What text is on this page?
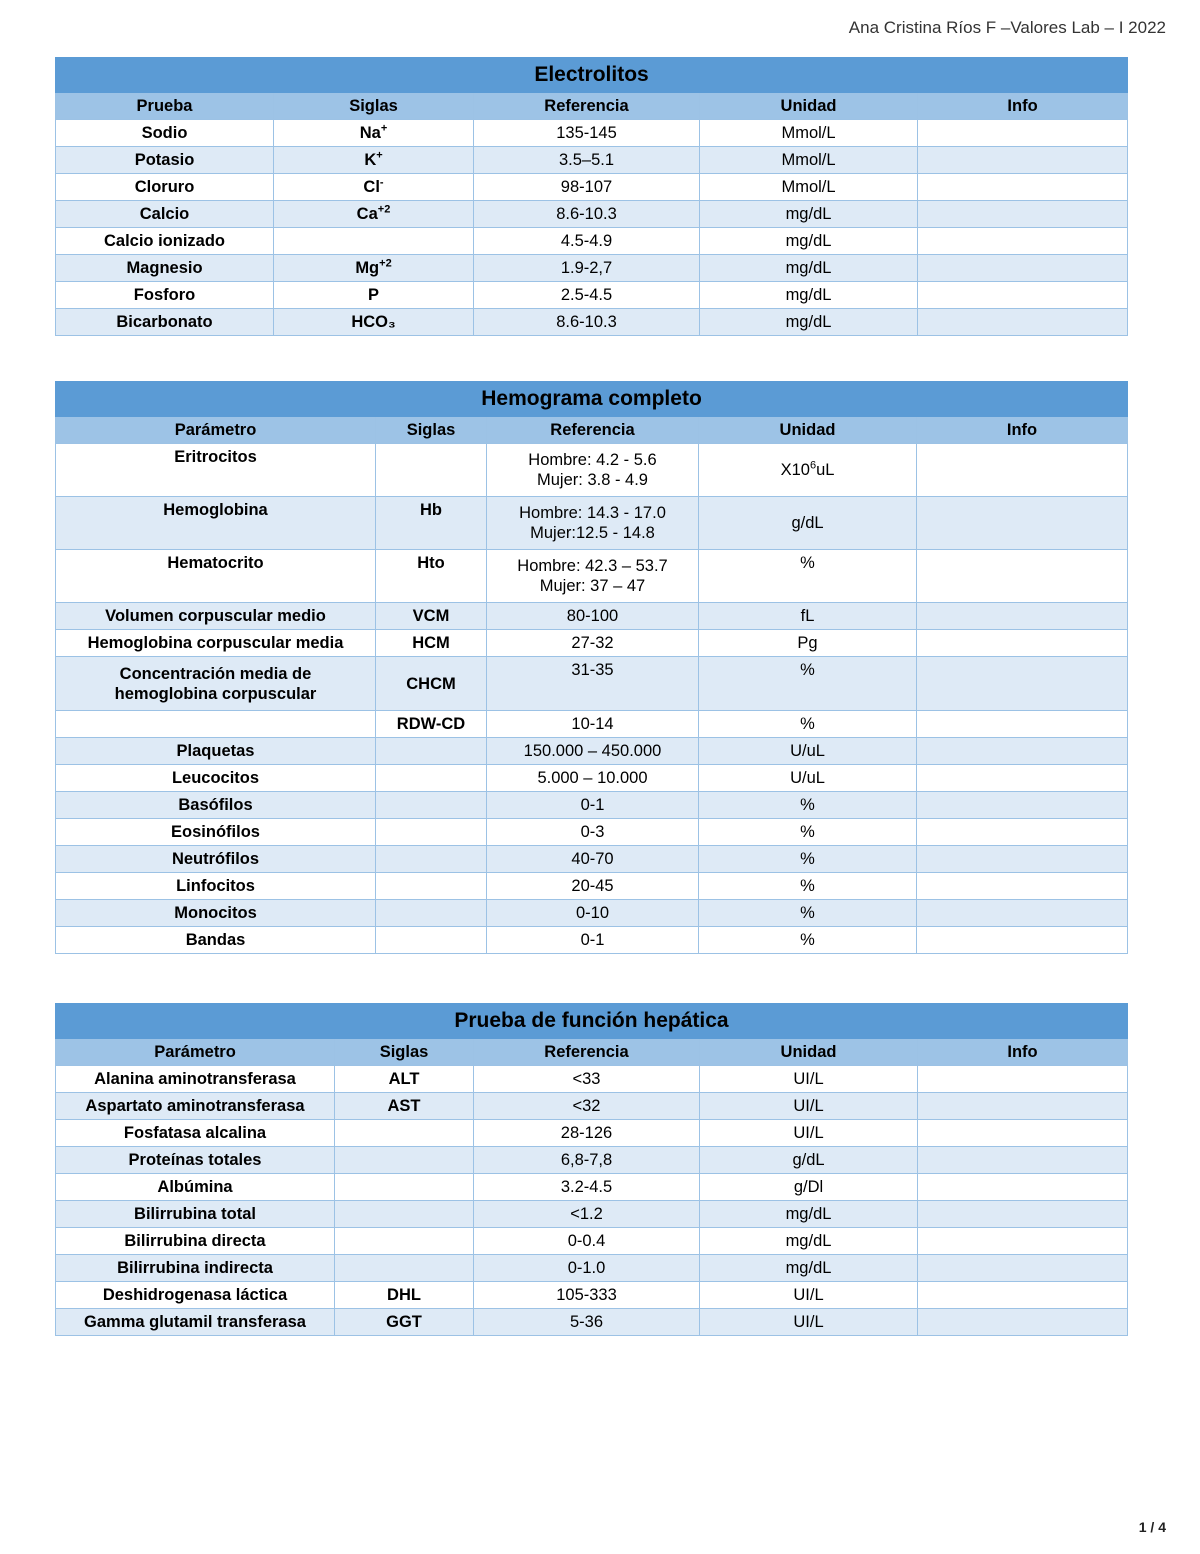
Ana Cristina Ríos F –Valores Lab – I 2022
Electrolitos				
Prueba	Siglas	Referencia	Unidad	Info
Sodio	Na+	135-145	Mmol/L	
Potasio	K+	3.5–5.1	Mmol/L	
Cloruro	Cl-	98-107	Mmol/L	
Calcio	$Ca^{+2}$	8.6-10.3	mg/dL	
Calcio ionizado		4.5-4.9	mg/dL	
Magnesio	$Mg^{+2}$	1.9-2,7	mg/dL	
Fosforo	P	2.5-4.5	mg/dL	
Bicarbonato	HCO₃	8.6-10.3	mg/dL	
Hemograma completo				
Parámetro	Siglas	Referencia	Unidad	Info
Eritrocitos		Hombre: 4.2 - 5.6
Mujer: 3.8 - 4.9	$X10^6uL$	
Hemoglobina	Hb	Hombre: 14.3 - 17.0
Mujer:12.5 - 14.8	g/dL	
Hematocrito	Hto	Hombre: 42.3 – 53.7
Mujer: 37 – 47	%	
Volumen corpuscular medio	VCM	80-100	fL	
Hemoglobina corpuscular media	HCM	27-32	Pg	

Concentración media de
hemoglobina corpuscular	CHCM	31-35	%	
	RDW-CD	10-14	%	
Plaquetas		150.000 – 450.000	U/uL	
Leucocitos		5.000 – 10.000	U/uL	
Basófilos		0-1	%	
Eosinófilos		0-3	%	
Neutrófilos		40-70	%	
Linfocitos		20-45	%	
Monocitos		0-10	%	
Bandas		0-1	%	
Prueba de función hepática				
Parámetro	Siglas	Referencia	Unidad	Info
Alanina aminotransferasa	ALT	<33	UI/L	
Aspartato aminotransferasa	AST	<32	UI/L	
Fosfatasa alcalina		28-126	UI/L	
Proteínas totales		6,8-7,8	g/dL	
Albúmina		3.2-4.5	g/Dl	
Bilirrubina total		<1.2	mg/dL	
Bilirrubina directa		0-0.4	mg/dL	
Bilirrubina indirecta		0-1.0	mg/dL	
Deshidrogenasa láctica	DHL	105-333	UI/L	
Gamma glutamil transferasa	GGT	5-36	UI/L	
1 / 4
